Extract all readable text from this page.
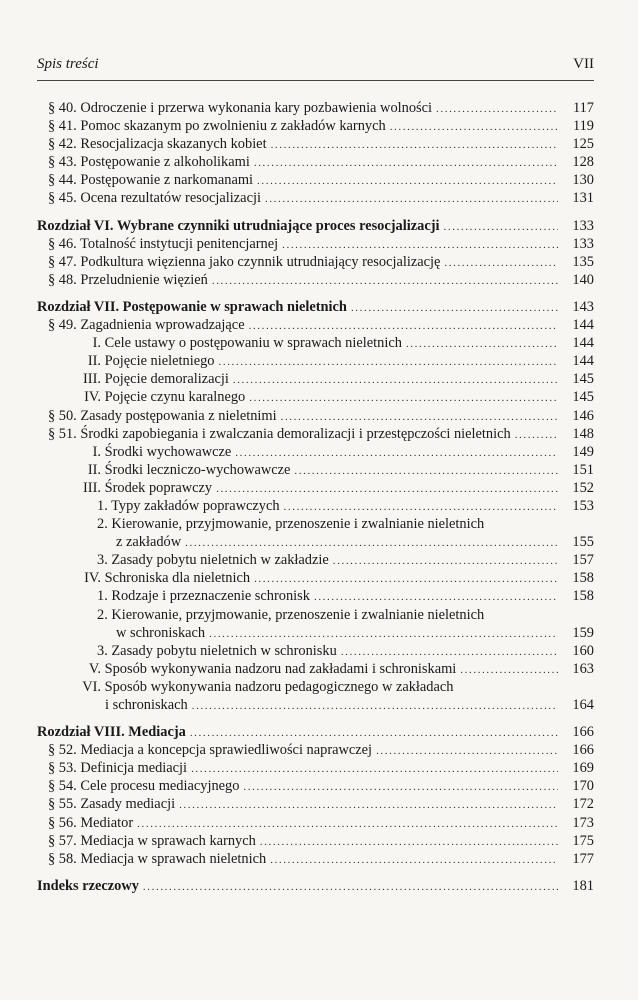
Spis treści	VII
§ 40. Odroczenie i przerwa wykonania kary pozbawienia wolności .....	117
§ 41. Pomoc skazanym po zwolnieniu z zakładów karnych .....	119
§ 42. Resocjalizacja skazanych kobiet .....	125
§ 43. Postępowanie z alkoholikami .....	128
§ 44. Postępowanie z narkomanami .....	130
§ 45. Ocena rezultatów resocjalizacji .....	131
Rozdział VI. Wybrane czynniki utrudniające proces resocjalizacji .....	133
§ 46. Totalność instytucji penitencjarnej .....	133
§ 47. Podkultura więzienna jako czynnik utrudniający resocjalizację .....	135
§ 48. Przeludnienie więzień .....	140
Rozdział VII. Postępowanie w sprawach nieletnich .....	143
§ 49. Zagadnienia wprowadzające .....	144
I. Cele ustawy o postępowaniu w sprawach nieletnich .....	144
II. Pojęcie nieletniego .....	144
III. Pojęcie demoralizacji .....	145
IV. Pojęcie czynu karalnego .....	145
§ 50. Zasady postępowania z nieletnimi .....	146
§ 51. Środki zapobiegania i zwalczania demoralizacji i przestępczości nieletnich .....	148
I. Środki wychowawcze .....	149
II. Środki leczniczo-wychowawcze .....	151
III. Środek poprawczy .....	152
1. Typy zakładów poprawczych .....	153
2. Kierowanie, przyjmowanie, przenoszenie i zwalnianie nieletnich
z zakładów .....	155
3. Zasady pobytu nieletnich w zakładzie .....	157
IV. Schroniska dla nieletnich .....	158
1. Rodzaje i przeznaczenie schronisk .....	158
2. Kierowanie, przyjmowanie, przenoszenie i zwalnianie nieletnich
w schroniskach .....	159
3. Zasady pobytu nieletnich w schronisku .....	160
V. Sposób wykonywania nadzoru nad zakładami i schroniskami .....	163
VI. Sposób wykonywania nadzoru pedagogicznego w zakładach
i schroniskach .....	164
Rozdział VIII. Mediacja .....	166
§ 52. Mediacja a koncepcja sprawiedliwości naprawczej .....	166
§ 53. Definicja mediacji .....	169
§ 54. Cele procesu mediacyjnego .....	170
§ 55. Zasady mediacji .....	172
§ 56. Mediator .....	173
§ 57. Mediacja w sprawach karnych .....	175
§ 58. Mediacja w sprawach nieletnich .....	177
Indeks rzeczowy .....	181
